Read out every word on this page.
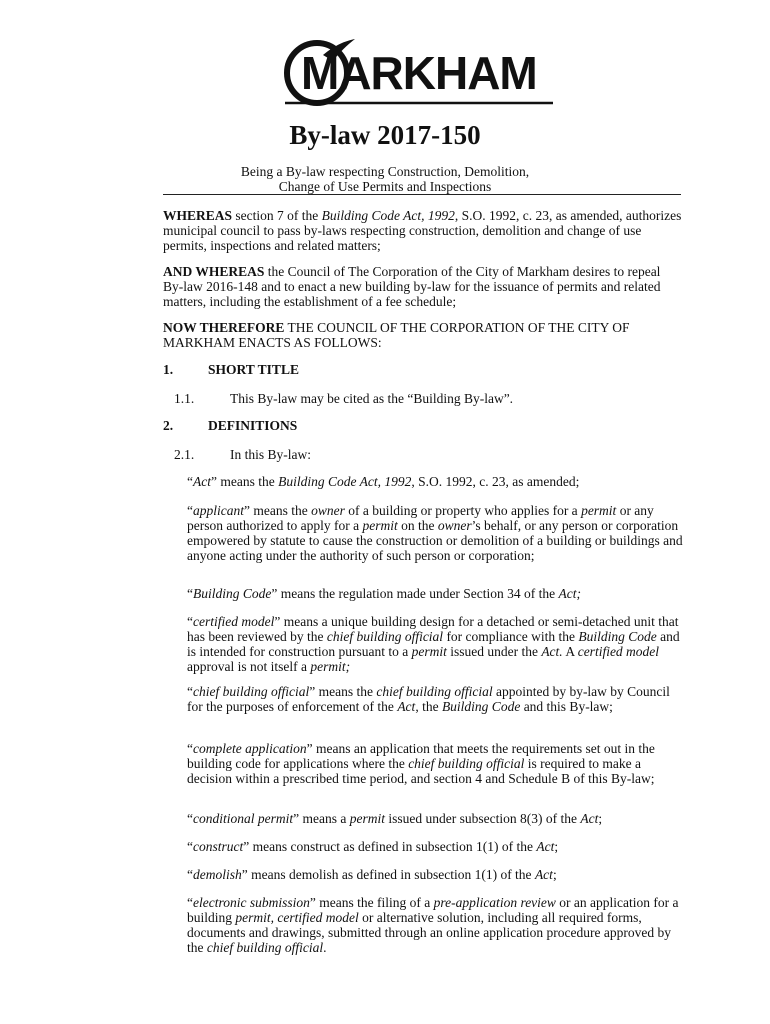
MARKHAM
By-law 2017-150
Being a By-law respecting Construction, Demolition,
Change of Use Permits and Inspections

WHEREAS section 7 of the Building Code Act, 1992, S.O. 1992, c. 23, as amended, authorizes municipal council to pass by-laws respecting construction, demolition and change of use permits, inspections and related matters;

AND WHEREAS the Council of The Corporation of the City of Markham desires to repeal By-law 2016-148 and to enact a new building by-law for the issuance of permits and related matters, including the establishment of a fee schedule;

NOW THEREFORE THE COUNCIL OF THE CORPORATION OF THE CITY OF MARKHAM ENACTS AS FOLLOWS:

1.	SHORT TITLE
1.1.	This By-law may be cited as the “Building By-law”.
2.	DEFINITIONS
2.1.	In this By-law:

“Act” means the Building Code Act, 1992, S.O. 1992, c. 23, as amended;

“applicant” means the owner of a building or property who applies for a permit or any person authorized to apply for a permit on the owner’s behalf, or any person or corporation empowered by statute to cause the construction or demolition of a building or buildings and anyone acting under the authority of such person or corporation;

“Building Code” means the regulation made under Section 34 of the Act;

“certified model” means a unique building design for a detached or semi-detached unit that has been reviewed by the chief building official for compliance with the Building Code and is intended for construction pursuant to a permit issued under the Act. A certified model approval is not itself a permit;

“chief building official” means the chief building official appointed by by-law by Council for the purposes of enforcement of the Act, the Building Code and this By-law;

“complete application” means an application that meets the requirements set out in the building code for applications where the chief building official is required to make a decision within a prescribed time period, and section 4 and Schedule B of this By-law;

“conditional permit” means a permit issued under subsection 8(3) of the Act;

“construct” means construct as defined in subsection 1(1) of the Act;

“demolish” means demolish as defined in subsection 1(1) of the Act;

“electronic submission” means the filing of a pre-application review or an application for a building permit, certified model or alternative solution, including all required forms, documents and drawings, submitted through an online application procedure approved by the chief building official.
